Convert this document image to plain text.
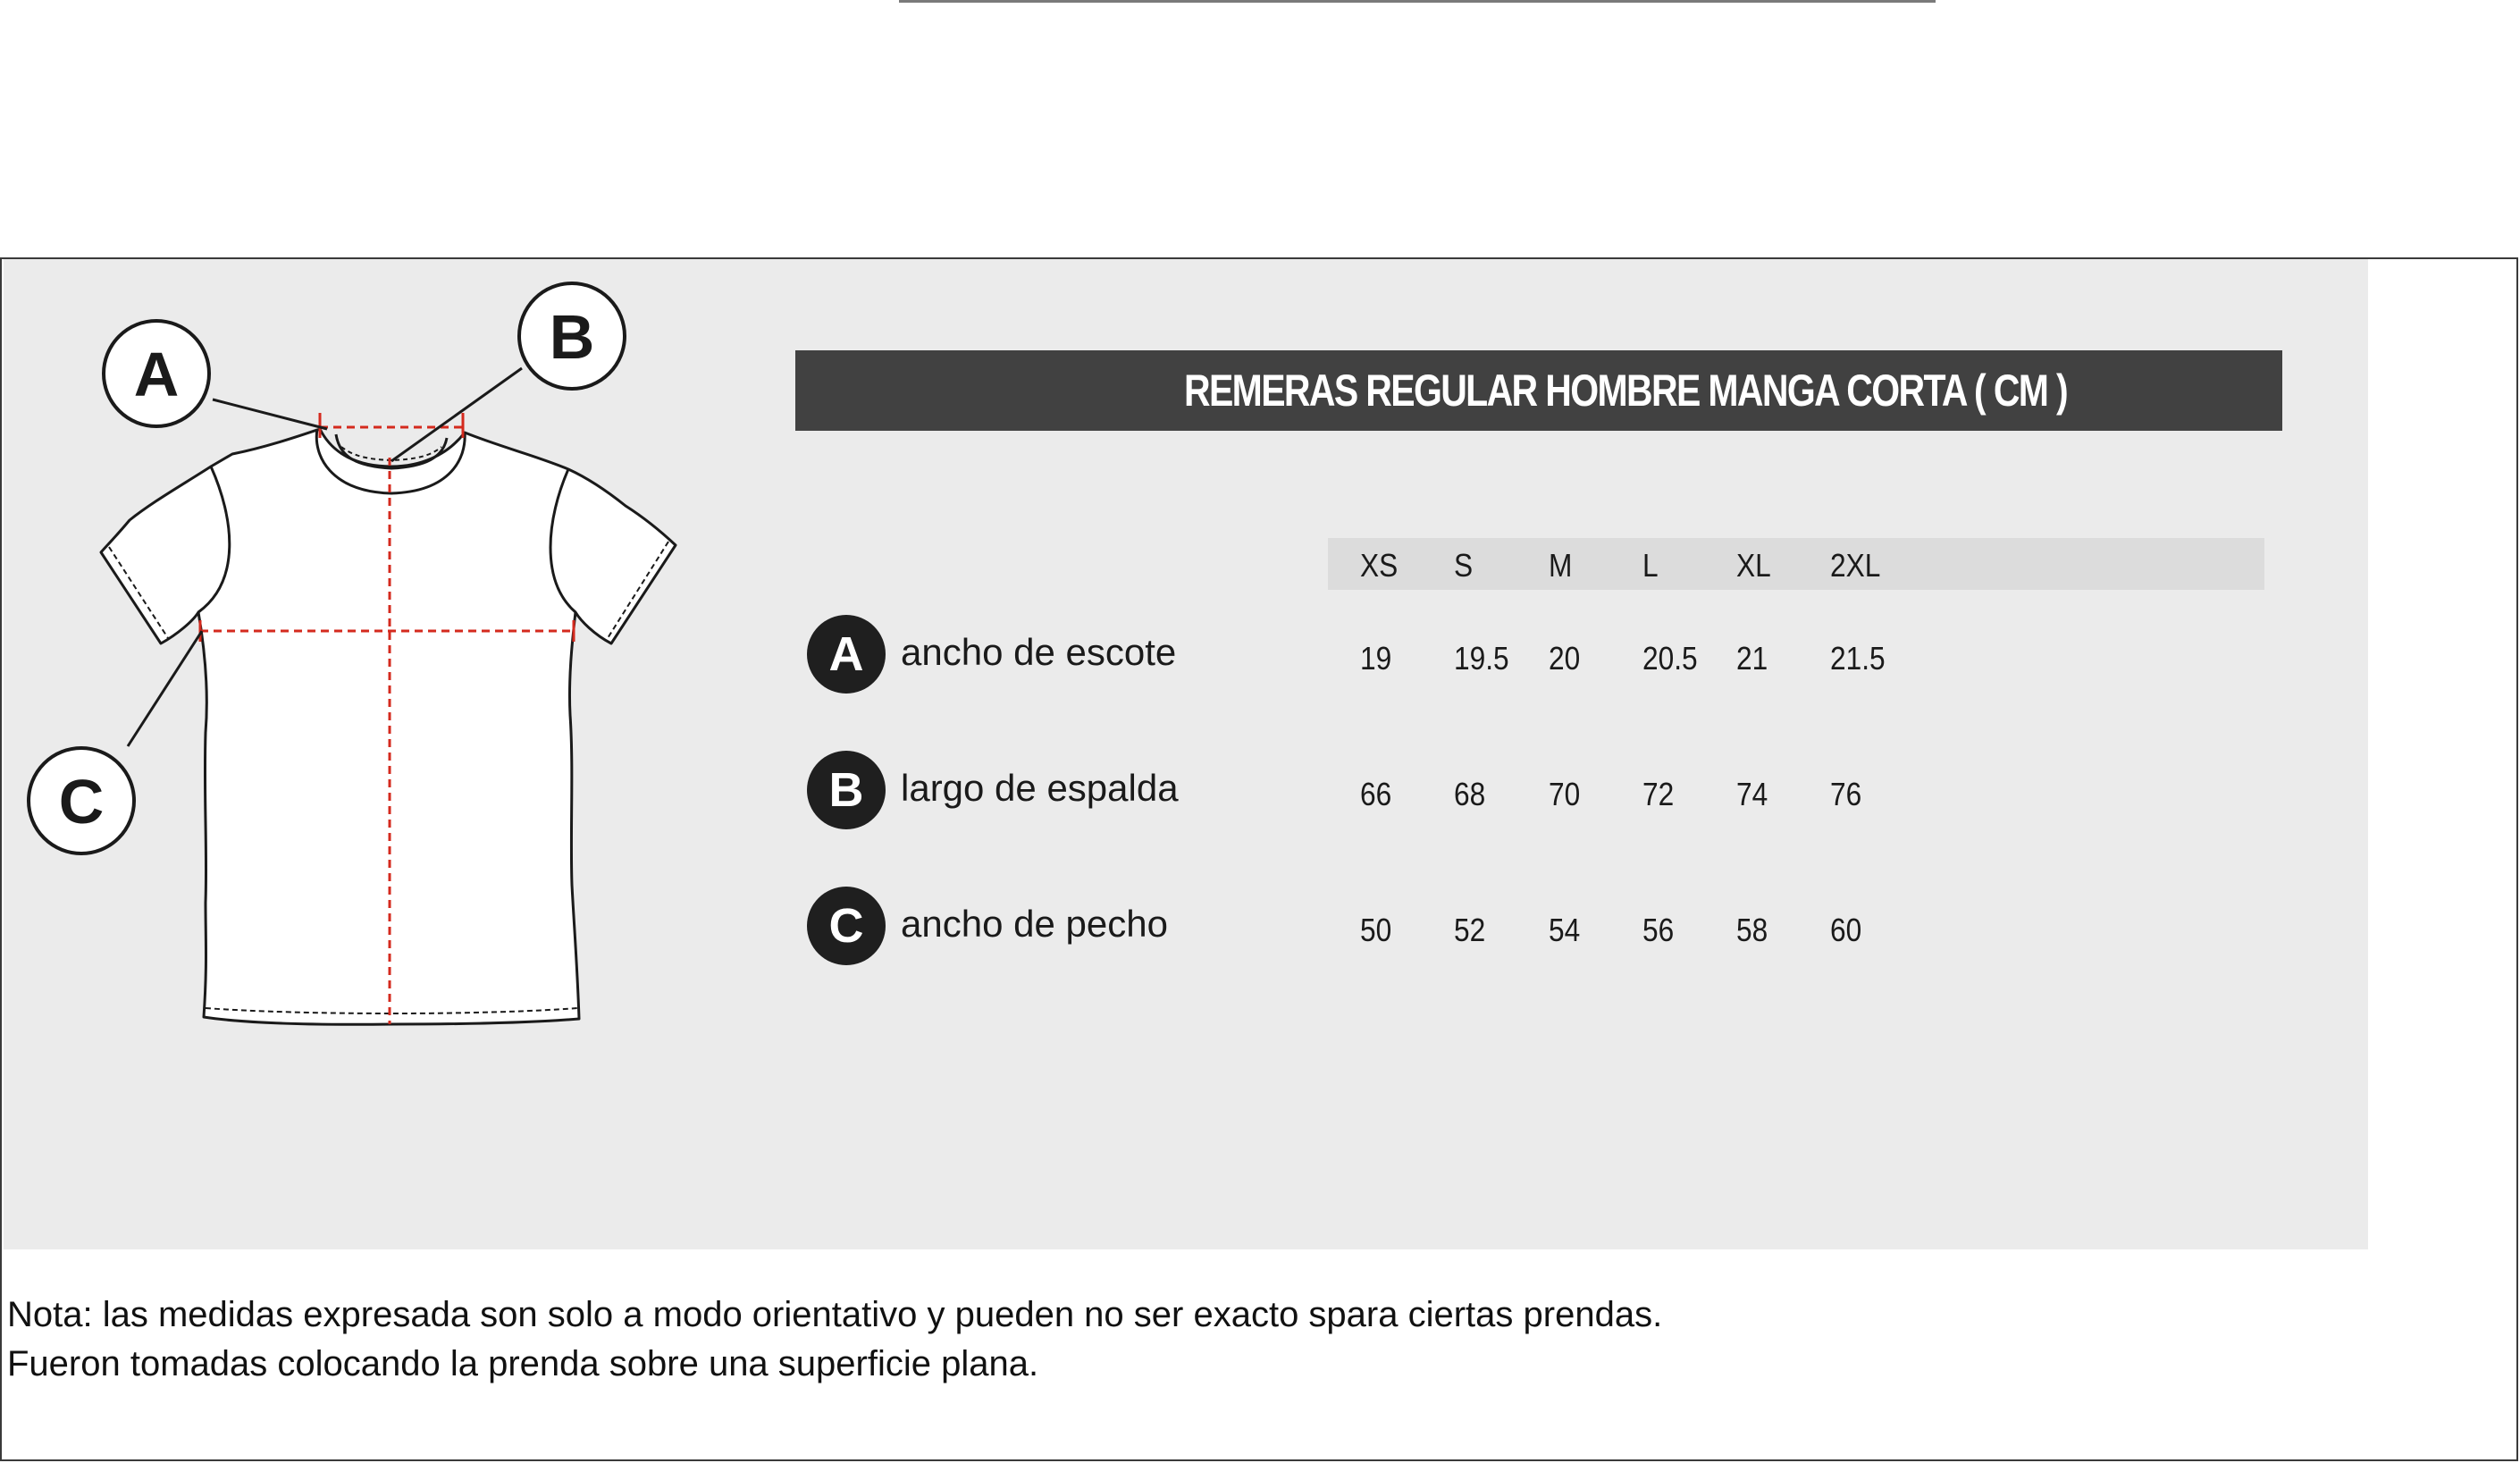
A
B
C
REMERAS REGULAR HOMBRE MANGA CORTA ( CM )
XS S M L XL 2XL
A ancho de escote	19 19.5 20 20.5 21 21.5
B largo de espalda	66 68 70 72 74 76
C ancho de pecho	50 52 54 56 58 60
Nota: las medidas expresada son solo a modo orientativo y pueden no ser exacto spara ciertas prendas.
Fueron tomadas colocando la prenda sobre una superficie plana.
